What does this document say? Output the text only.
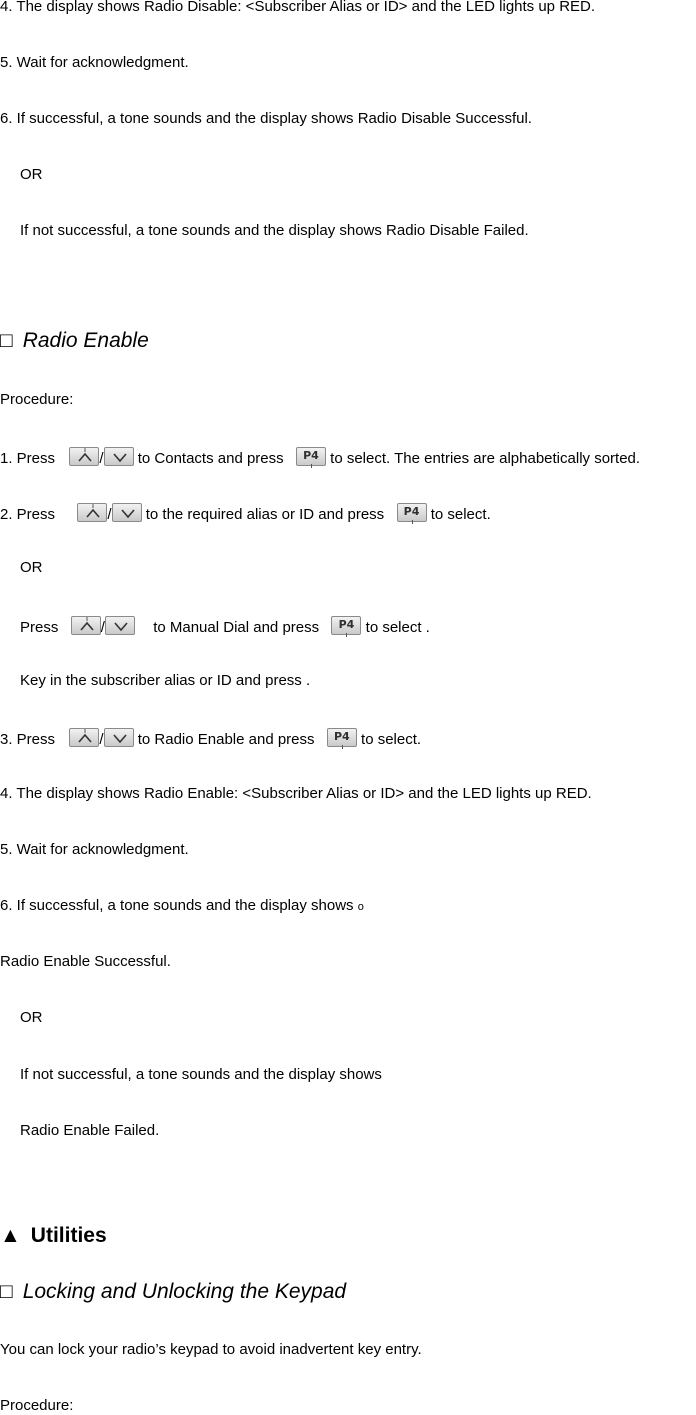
4. The display shows Radio Disable: <Subscriber Alias or ID> and the LED lights up RED.
5. Wait for acknowledgment.
6. If successful, a tone sounds and the display shows Radio Disable Successful.
OR
If not successful, a tone sounds and the display shows Radio Disable Failed.
□ Radio Enable
Procedure:
1. Press	/ to Contacts and press	P4 to select. The entries are alphabetically sorted.
2. Press	/ to the required alias or ID and press	P4 to select.
OR
Press	/	to Manual Dial and press	P4 to select .
Key in the subscriber alias or ID and press .
3. Press	/ to Radio Enable and press	P4 to select.
4. The display shows Radio Enable: <Subscriber Alias or ID> and the LED lights up RED.
5. Wait for acknowledgment.
6. If successful, a tone sounds and the display shows o
Radio Enable Successful.
OR
If not successful, a tone sounds and the display shows
Radio Enable Failed.
▲ Utilities
□ Locking and Unlocking the Keypad
You can lock your radio’s keypad to avoid inadvertent key entry.
Procedure:
